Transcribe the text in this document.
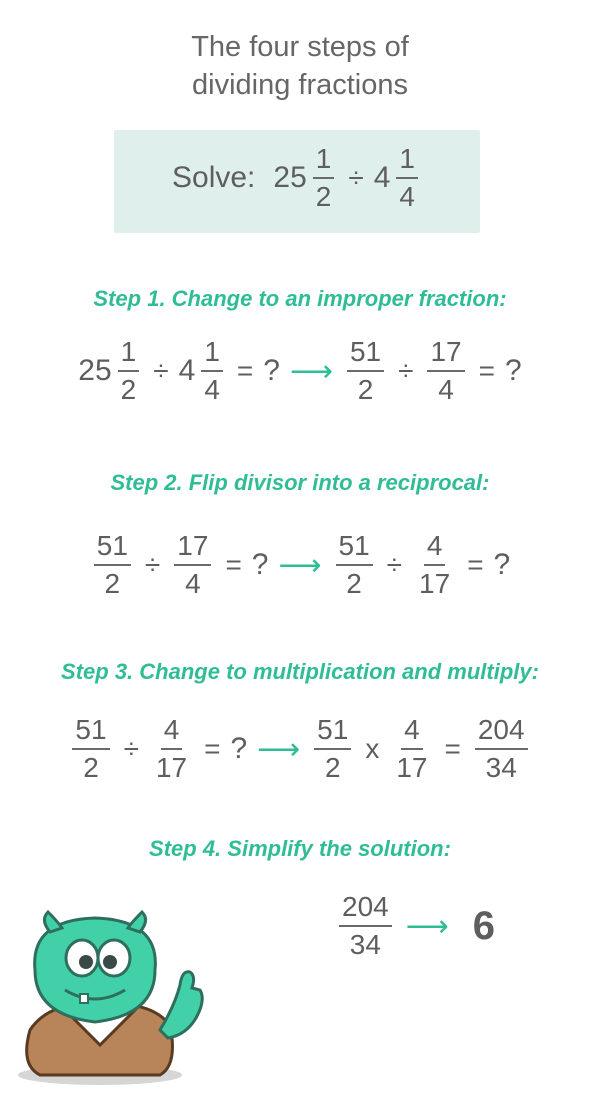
The four steps of
dividing fractions
Solve: $25 \frac{1}{2} \div 4 \frac{1}{4}$
Step 1. Change to an improper fraction:
$25 \frac{1}{2} \div 4 \frac{1}{4}$ = ? ⟶ $\frac{51}{2} \div \frac{17}{4}$ = ?
Step 2. Flip divisor into a reciprocal:
$\frac{51}{2} \div \frac{17}{4}$ = ? ⟶ $\frac{51}{2} \div \frac{4}{17}$ = ?
Step 3. Change to multiplication and multiply:
$\frac{51}{2} \div \frac{4}{17}$ = ? ⟶ $\frac{51}{2}$ x $\frac{4}{17} = \frac{204}{34}$
Step 4. Simplify the solution:
$\frac{204}{34}$ ⟶ 6
